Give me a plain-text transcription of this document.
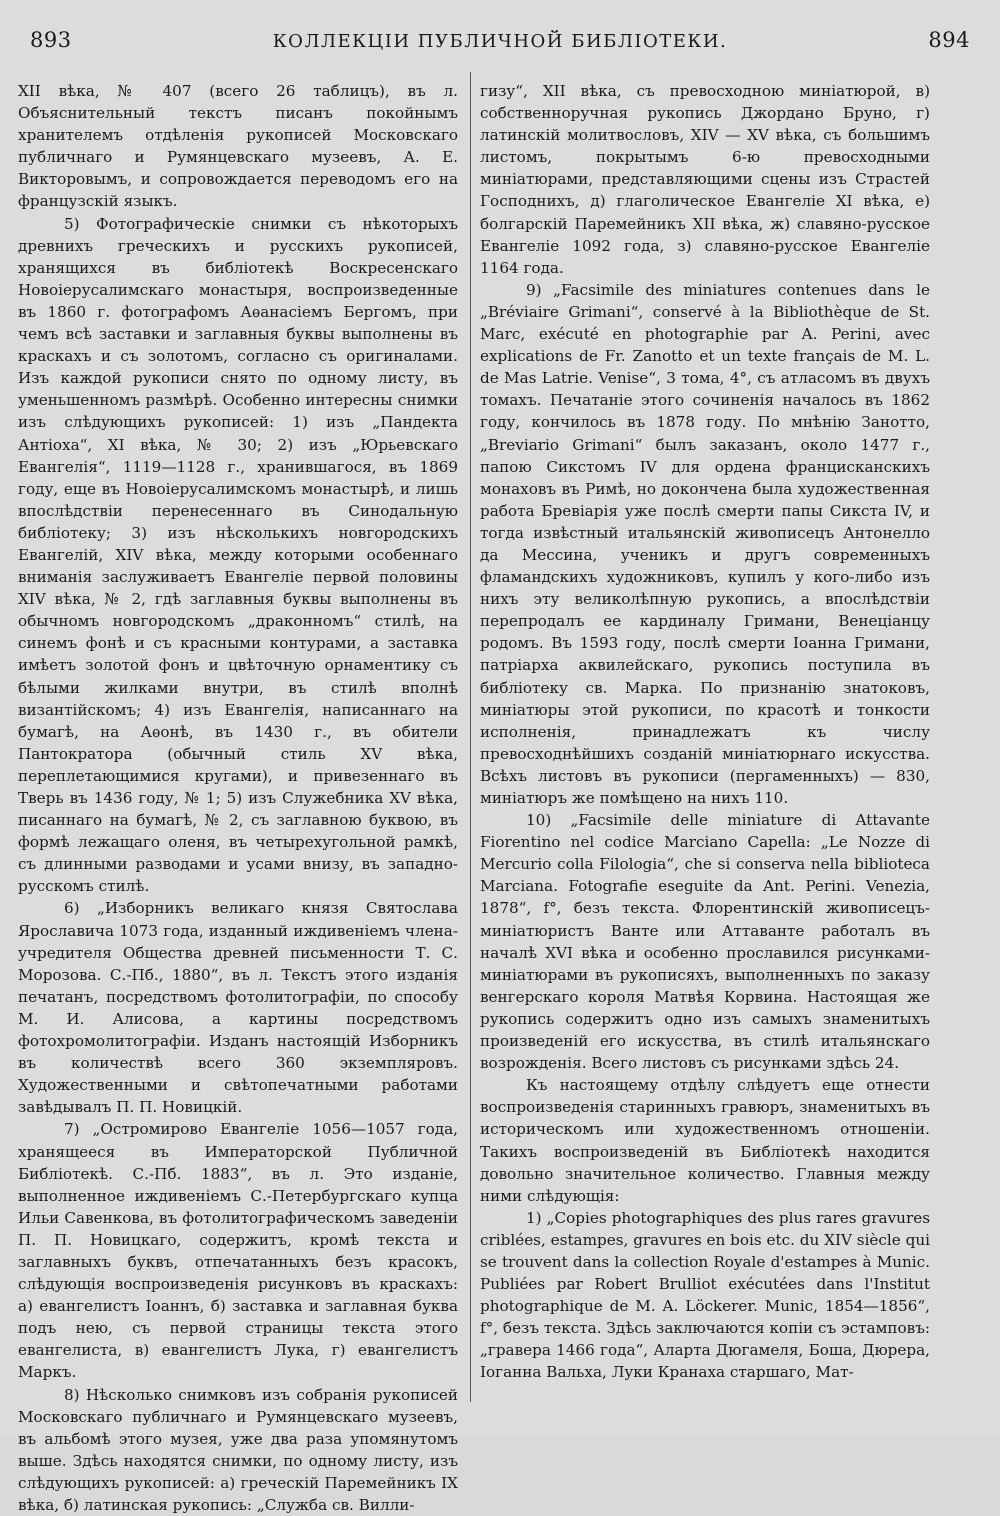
893	КОЛЛЕКЦІИ ПУБЛИЧНОЙ БИБЛІОТЕКИ.	894

XII вѣка, № 407 (всего 26 таблицъ), въ л. Объяснительный текстъ писанъ покойнымъ хранителемъ отдѣленія рукописей Московскаго публичнаго и Румянцевскаго музеевъ, А. Е. Викторовымъ, и сопровождается переводомъ его на французскій языкъ.

5) Фотографическіе снимки съ нѣкоторыхъ древнихъ греческихъ и русскихъ рукописей, хранящихся въ библіотекѣ Воскресенскаго Новоіерусалимскаго монастыря, воспроизведенные въ 1860 г. фотографомъ Аѳанасіемъ Бергомъ, при чемъ всѣ заставки и заглавныя буквы выполнены въ краскахъ и съ золотомъ, согласно съ оригиналами. Изъ каждой рукописи снято по одному листу, въ уменьшенномъ размѣрѣ. Особенно интересны снимки изъ слѣдующихъ рукописей: 1) изъ „Пандекта Антіоха“, XI вѣка, № 30; 2) изъ „Юрьевскаго Евангелія“, 1119—1128 г., хранившагося, въ 1869 году, еще въ Новоіерусалимскомъ монастырѣ, и лишь впослѣдствіи перенесеннаго въ Синодальную библіотеку; 3) изъ нѣсколькихъ новгородскихъ Евангелій, XIV вѣка, между которыми особеннаго вниманія заслуживаетъ Евангеліе первой половины XIV вѣка, № 2, гдѣ заглавныя буквы выполнены въ обычномъ новгородскомъ „драконномъ“ стилѣ, на синемъ фонѣ и съ красными контурами, а заставка имѣетъ золотой фонъ и цвѣточную орнаментику съ бѣлыми жилками внутри, въ стилѣ вполнѣ византійскомъ; 4) изъ Евангелія, написаннаго на бумагѣ, на Аѳонѣ, въ 1430 г., въ обители Пантократора (обычный стиль XV вѣка, переплетающимися кругами), и привезеннаго въ Тверь въ 1436 году, № 1; 5) изъ Служебника XV вѣка, писаннаго на бумагѣ, № 2, съ заглавною буквою, въ формѣ лежащаго оленя, въ четырехугольной рамкѣ, съ длинными разводами и усами внизу, въ западно-русскомъ стилѣ.

6) „Изборникъ великаго князя Святослава Ярославича 1073 года, изданный иждивеніемъ члена-учредителя Общества древней письменности Т. С. Морозова. С.-Пб., 1880“, въ л. Текстъ этого изданія печатанъ, посредствомъ фотолитографіи, по способу М. И. Алисова, а картины посредствомъ фотохромолитографіи. Изданъ настоящій Изборникъ въ количествѣ всего 360 экземпляровъ. Художественными и свѣтопечатными работами завѣдывалъ П. П. Новицкій.

7) „Остромирово Евангеліе 1056—1057 года, хранящееся въ Императорской Публичной Библіотекѣ. С.-Пб. 1883“, въ л. Это изданіе, выполненное иждивеніемъ С.-Петербургскаго купца Ильи Савенкова, въ фотолитографическомъ заведеніи П. П. Новицкаго, содержитъ, кромѣ текста и заглавныхъ буквъ, отпечатанныхъ безъ красокъ, слѣдующія воспроизведенія рисунковъ въ краскахъ: а) евангелистъ Іоаннъ, б) заставка и заглавная буква подъ нею, съ первой страницы текста этого евангелиста, в) евангелистъ Лука, г) евангелистъ Маркъ.

8) Нѣсколько снимковъ изъ собранія рукописей Московскаго публичнаго и Румянцевскаго музеевъ, въ альбомѣ этого музея, уже два раза упомянутомъ выше. Здѣсь находятся снимки, по одному листу, изъ слѣдующихъ рукописей: а) греческій Паремейникъ IX вѣка, б) латинская рукопись: „Служба св. Вилли-

гизу“, XII вѣка, съ превосходною миніатюрой, в) собственноручная рукопись Джордано Бруно, г) латинскій молитвословъ, XIV — XV вѣка, съ большимъ листомъ, покрытымъ 6-ю превосходными миніатюрами, представляющими сцены изъ Страстей Господнихъ, д) глаголическое Евангеліе XI вѣка, е) болгарскій Паремейникъ XII вѣка, ж) славяно-русское Евангеліе 1092 года, з) славяно-русское Евангеліе 1164 года.

9) „Facsimile des miniatures contenues dans le „Bréviaire Grimani“, conservé à la Bibliothèque de St. Marc, exécuté en photographie par A. Perini, avec explications de Fr. Zanotto et un texte français de M. L. de Mas Latrie. Venise“, 3 тома, 4°, съ атласомъ въ двухъ томахъ. Печатаніе этого сочиненія началось въ 1862 году, кончилось въ 1878 году. По мнѣнію Занотто, „Breviario Grimani“ былъ заказанъ, около 1477 г., папою Сикстомъ IV для ордена францисканскихъ монаховъ въ Римѣ, но докончена была художественная работа Бревіарія уже послѣ смерти папы Сикста IV, и тогда извѣстный итальянскій живописецъ Антонелло да Мессина, ученикъ и другъ современныхъ фламандскихъ художниковъ, купилъ у кого-либо изъ нихъ эту великолѣпную рукопись, а впослѣдствіи перепродалъ ее кардиналу Гримани, Венеціанцу родомъ. Въ 1593 году, послѣ смерти Іоанна Гримани, патріарха аквилейскаго, рукопись поступила въ библіотеку св. Марка. По признанію знатоковъ, миніатюры этой рукописи, по красотѣ и тонкости исполненія, принадлежатъ къ числу превосходнѣйшихъ созданій миніатюрнаго искусства. Всѣхъ листовъ въ рукописи (пергаменныхъ) — 830, миніатюръ же помѣщено на нихъ 110.

10) „Facsimile delle miniature di Attavante Fiorentino nel codice Marciano Capella: „Le Nozze di Mercurio colla Filologia“, che si conserva nella biblioteca Marciana. Fotografie eseguite da Ant. Perini. Venezia, 1878“, f°, безъ текста. Флорентинскій живописецъ-миніатюристъ Ванте или Аттаванте работалъ въ началѣ XVI вѣка и особенно прославился рисунками-миніатюрами въ рукописяхъ, выполненныхъ по заказу венгерскаго короля Матвѣя Корвина. Настоящая же рукопись содержитъ одно изъ самыхъ знаменитыхъ произведеній его искусства, въ стилѣ итальянскаго возрожденія. Всего листовъ съ рисунками здѣсь 24.

Къ настоящему отдѣлу слѣдуетъ еще отнести воспроизведенія старинныхъ гравюръ, знаменитыхъ въ историческомъ или художественномъ отношеніи. Такихъ воспроизведеній въ Библіотекѣ находится довольно значительное количество. Главныя между ними слѣдующія:

1) „Copies photographiques des plus rares gravures criblées, estampes, gravures en bois etc. du XIV siècle qui se trouvent dans la collection Royale d'estampes à Munic. Publiées par Robert Brulliot exécutées dans l'Institut photographique de M. A. Löckerer. Munic, 1854—1856“, f°, безъ текста. Здѣсь заключаются копіи съ эстамповъ: „гравера 1466 года“, Аларта Дюгамеля, Боша, Дюрера, Іоганна Вальха, Луки Кранаха старшаго, Мат-
